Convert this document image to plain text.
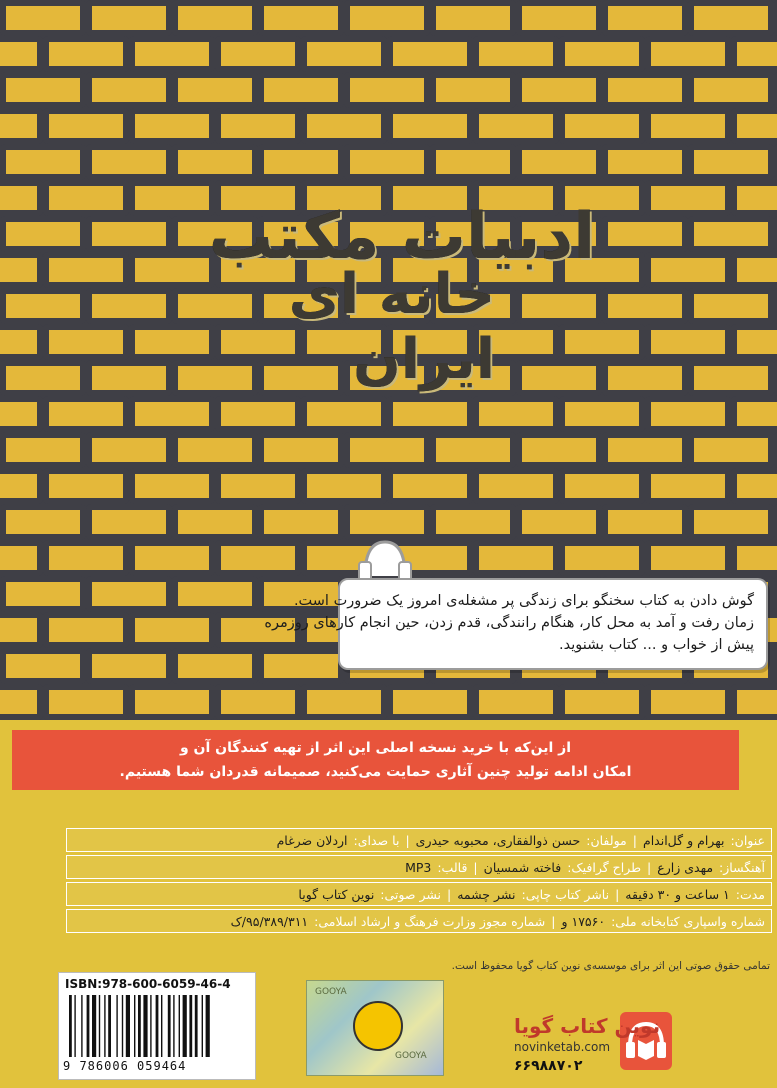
ادبیات مکتب
خانه ای ایران
گوش دادن به کتاب سخنگو برای زندگی پر مشغله‌ی امروز یک ضرورت است.
زمان رفت و آمد به محل کار، هنگام رانندگی، قدم زدن، حین انجام کارهای روزمره
پیش از خواب و ... کتاب بشنوید.
از این‌که با خرید نسخه اصلی این اثر از تهیه کنندگان آن و
امکان ادامه تولید چنین آثاری حمایت می‌کنید، صمیمانه قدردان شما هستیم.
عنوان:
بهرام و گل‌اندام
|
مولفان:
حسن ذوالفقاری، محبوبه حیدری
|
با صدای:
اردلان ضرغام
آهنگساز:
مهدی زارع
|
طراح گرافیک:
فاخته شمسیان
|
قالب:
MP3
مدت:
۱ ساعت و ۳۰ دقیقه
|
ناشر کتاب چاپی:
نشر چشمه
|
نشر صوتی:
نوین کتاب گویا
شماره واسپاری کتابخانه ملی:
۱۷۵۶۰ و
|
شماره مجوز وزارت فرهنگ و ارشاد اسلامی:
۹۵/۳۸۹/۳۱۱/ک
تمامی حقوق صوتی این اثر برای موسسه‌ی نوین کتاب گویا محفوظ است.
ISBN:978-600-6059-46-4
9 786006 059464
GOOYA
GOOYA
نوین کتاب گویا
novinketab.com
۶۶۹۸۸۷۰۲
